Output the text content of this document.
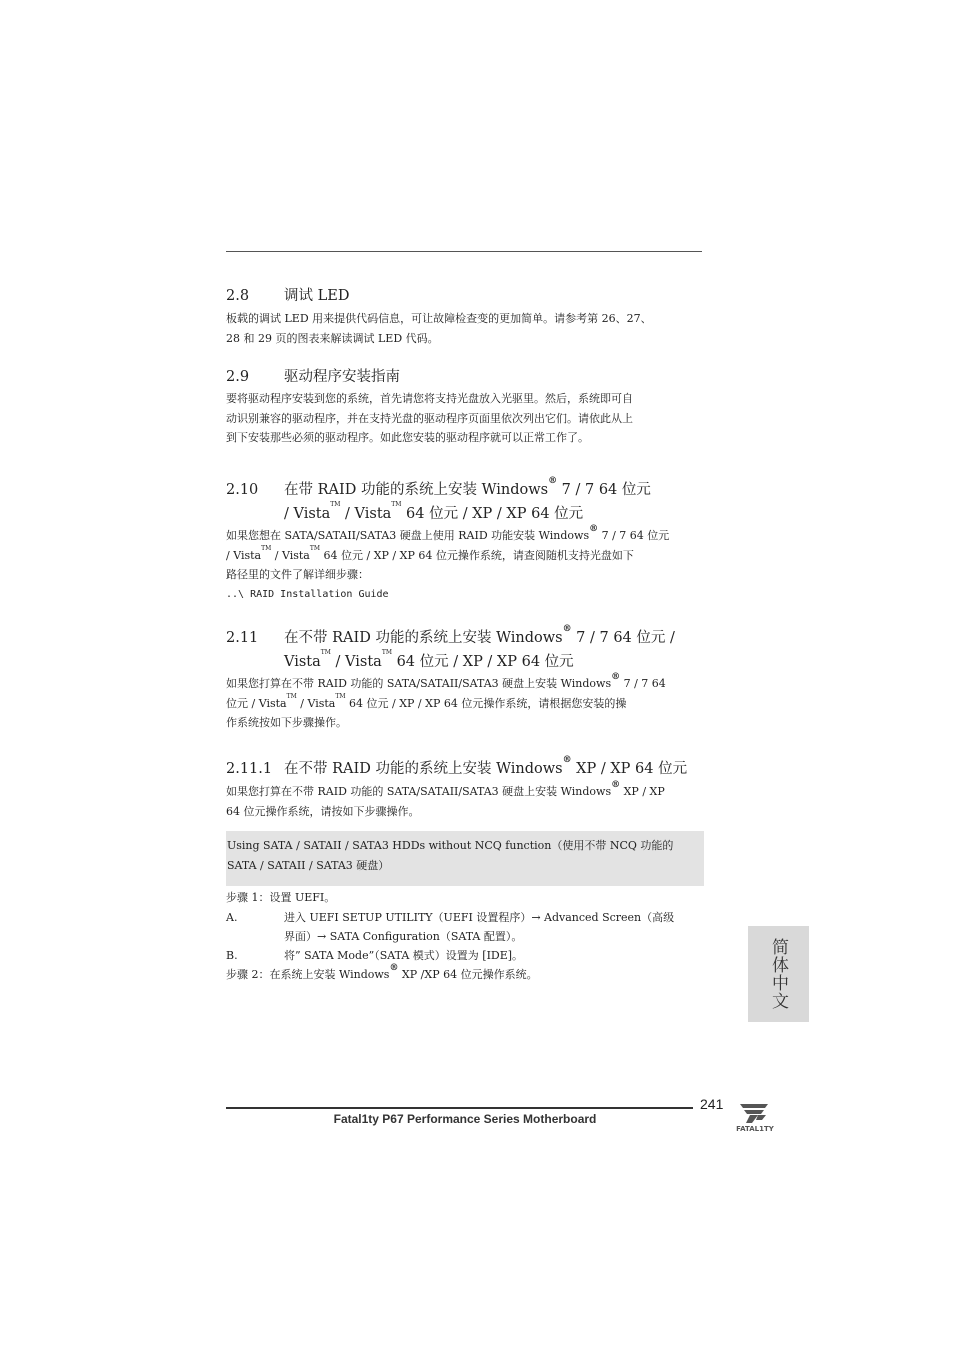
2.8 调试 LED
板载的调试 LED 用来提供代码信息，可让故障检查变的更加简单。请参考第 26、27、
28 和 29 页的图表来解读调试 LED 代码。
2.9 驱动程序安装指南
要将驱动程序安装到您的系统，首先请您将支持光盘放入光驱里。然后，系统即可自
动识别兼容的驱动程序，并在支持光盘的驱动程序页面里依次列出它们。请依此从上
到下安装那些必须的驱动程序。如此您安装的驱动程序就可以正常工作了。
2.10 在带 RAID 功能的系统上安装 Windows® 7 / 7 64 位元
/ Vista™ / Vista™ 64 位元 / XP / XP 64 位元
如果您想在 SATA/SATAII/SATA3 硬盘上使用 RAID 功能安装 Windows® 7 / 7 64 位元
/ Vista™ / Vista™ 64 位元 / XP / XP 64 位元操作系统，请查阅随机支持光盘如下
路径里的文件了解详细步骤：
..\ RAID Installation Guide
2.11 在不带 RAID 功能的系统上安装 Windows® 7 / 7 64 位元 /
Vista™ / Vista™ 64 位元 / XP / XP 64 位元
如果您打算在不带 RAID 功能的 SATA/SATAII/SATA3 硬盘上安装 Windows® 7 / 7 64
位元 / Vista™ / Vista™ 64 位元 / XP / XP 64 位元操作系统，请根据您安装的操
作系统按如下步骤操作。
2.11.1 在不带 RAID 功能的系统上安装 Windows® XP / XP 64 位元
如果您打算在不带 RAID 功能的 SATA/SATAII/SATA3 硬盘上安装 Windows® XP / XP
64 位元操作系统，请按如下步骤操作。
Using SATA / SATAII / SATA3 HDDs without NCQ function（使用不带 NCQ 功能的
SATA / SATAII / SATA3 硬盘）
步骤 1：设置 UEFI。
A.	进入 UEFI SETUP UTILITY（UEFI 设置程序）→ Advanced Screen（高级
界面）→ SATA Configuration（SATA 配置）。
B.	将” SATA Mode”（SATA 模式）设置为 [IDE]。
步骤 2：在系统上安装 Windows® XP /XP 64 位元操作系统。	简体中文
241
Fatal1ty P67 Performance Series Motherboard
FATAL1TY
